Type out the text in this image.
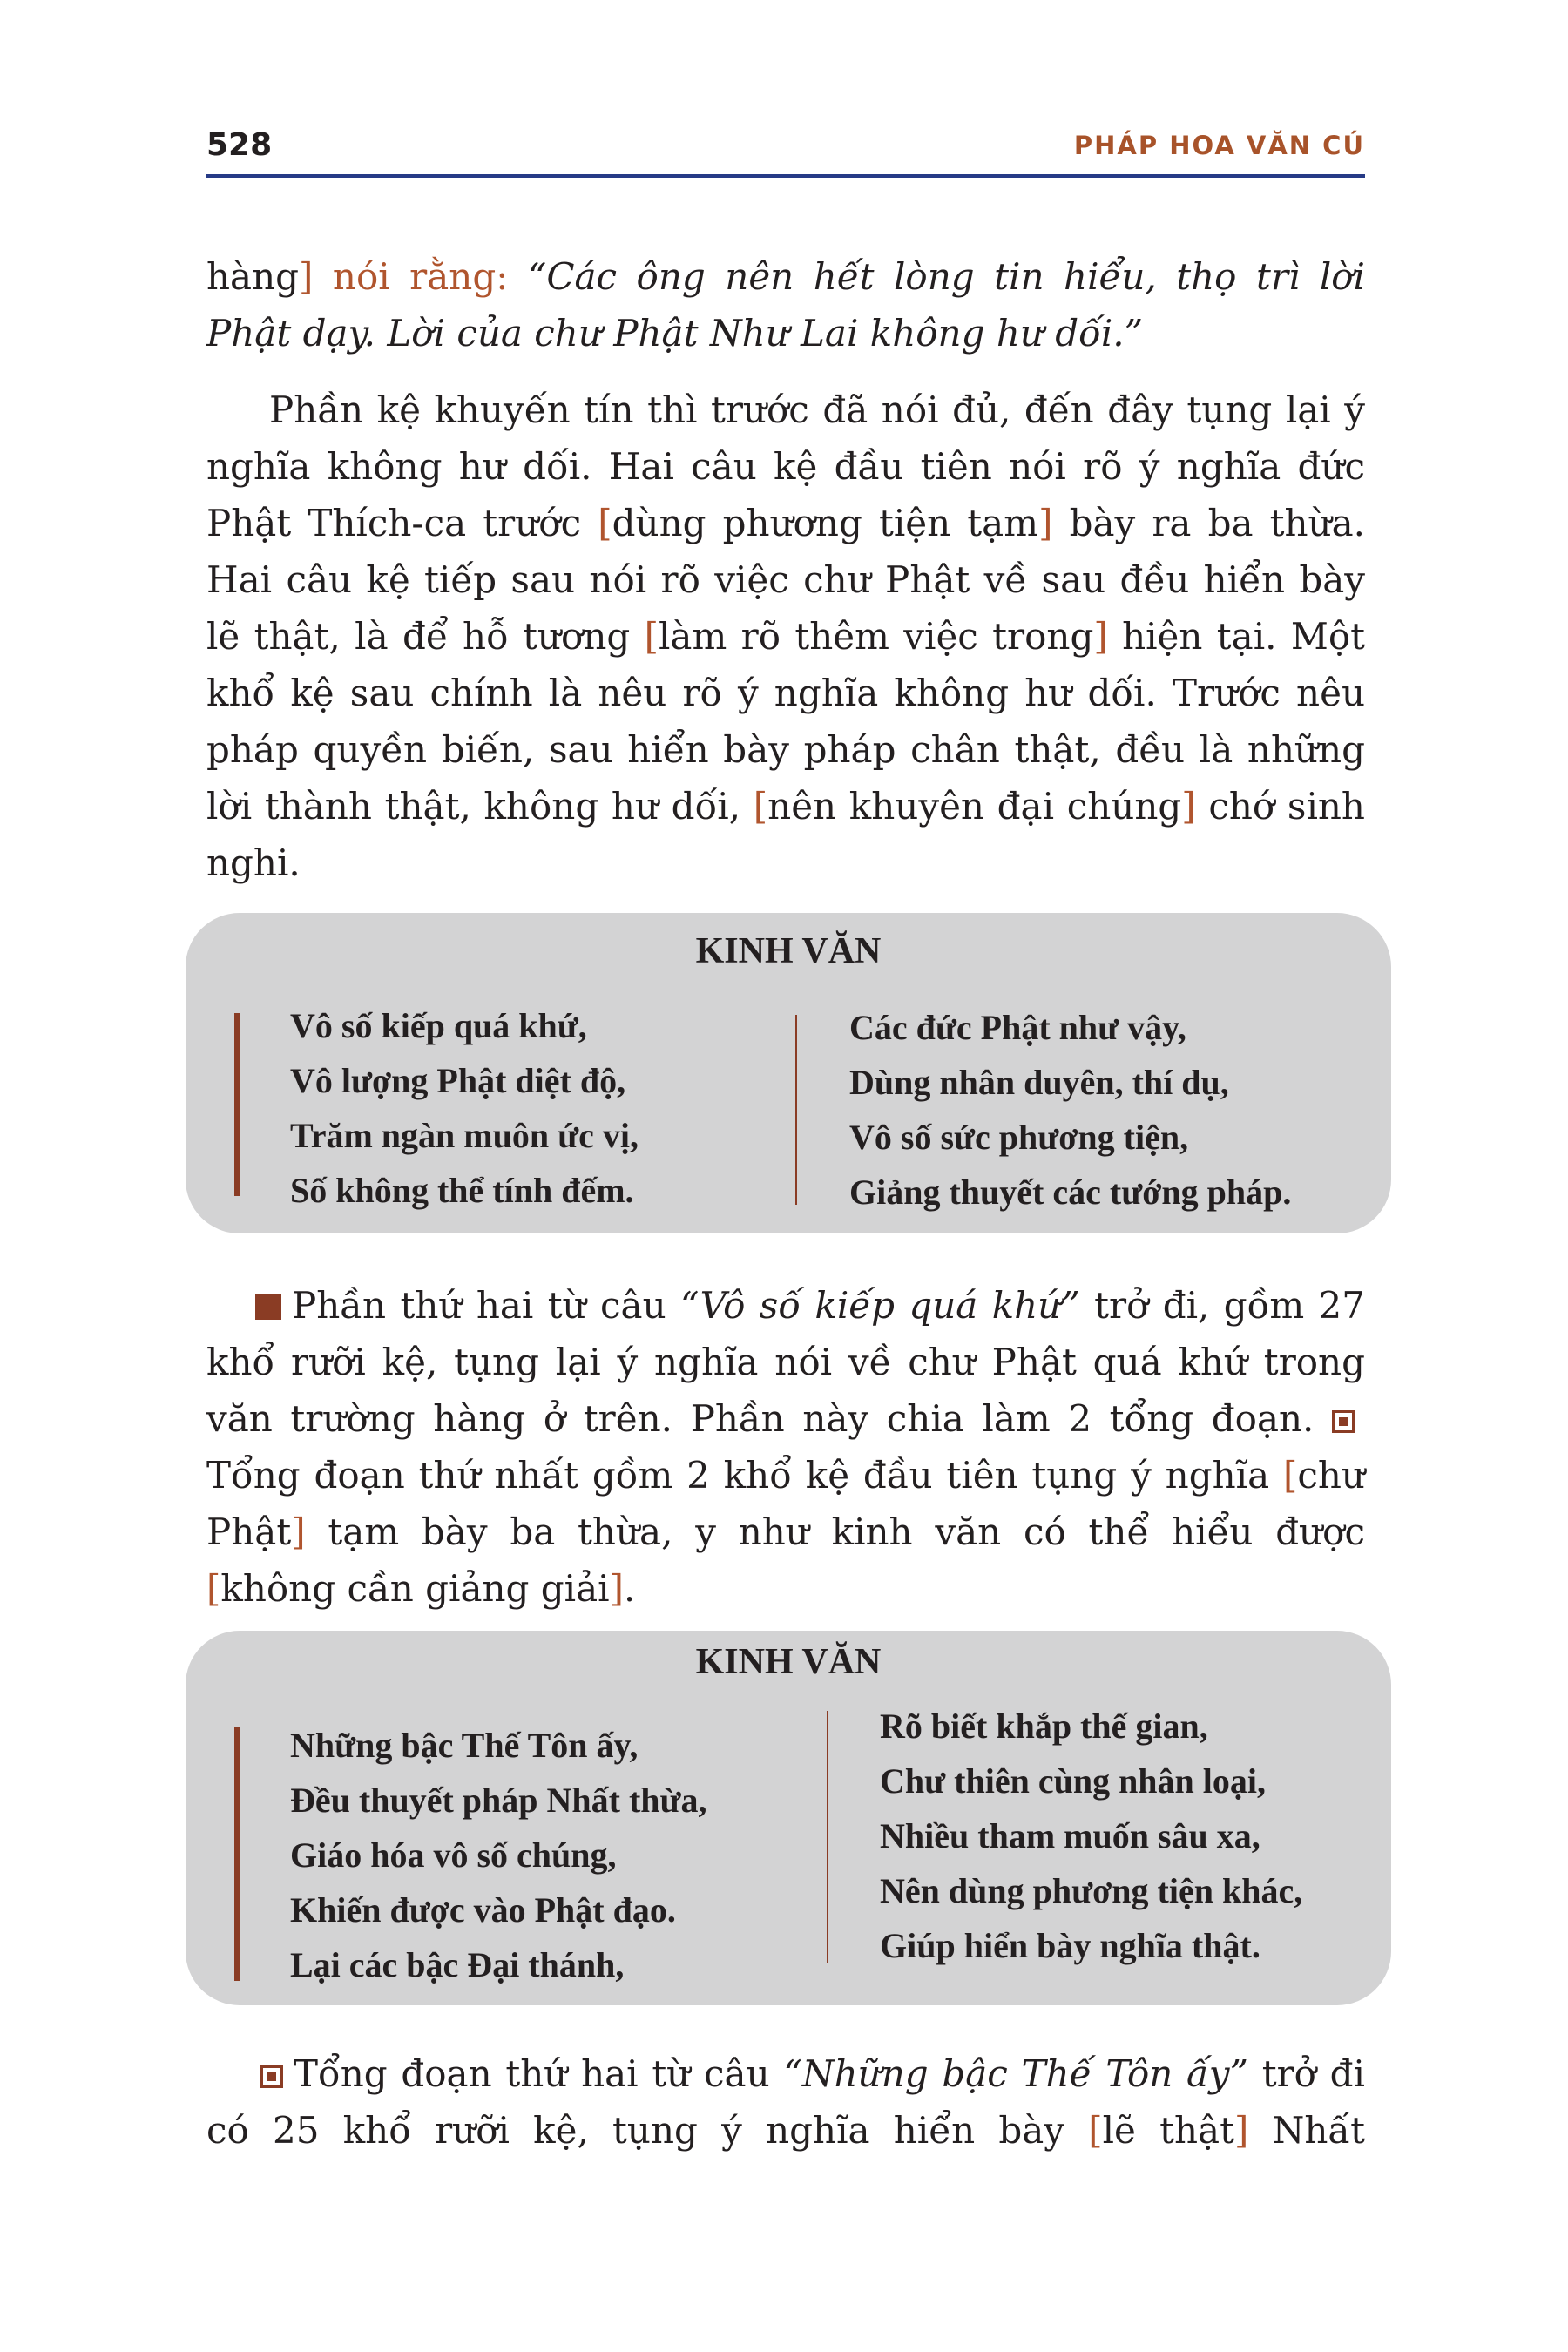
528	PHÁP HOA VĂN CÚ

hàng] nói rằng: “Các ông nên hết lòng tin hiểu, thọ trì lời Phật dạy. Lời của chư Phật Như Lai không hư dối.”

Phần kệ khuyến tín thì trước đã nói đủ, đến đây tụng lại ý nghĩa không hư dối. Hai câu kệ đầu tiên nói rõ ý nghĩa đức Phật Thích-ca trước [dùng phương tiện tạm] bày ra ba thừa. Hai câu kệ tiếp sau nói rõ việc chư Phật về sau đều hiển bày lẽ thật, là để hỗ tương [làm rõ thêm việc trong] hiện tại. Một khổ kệ sau chính là nêu rõ ý nghĩa không hư dối. Trước nêu pháp quyền biến, sau hiển bày pháp chân thật, đều là những lời thành thật, không hư dối, [nên khuyên đại chúng] chớ sinh nghi.

KINH VĂN
Vô số kiếp quá khứ,
Vô lượng Phật diệt độ,
Trăm ngàn muôn ức vị,
Số không thể tính đếm.
Các đức Phật như vậy,
Dùng nhân duyên, thí dụ,
Vô số sức phương tiện,
Giảng thuyết các tướng pháp.

Phần thứ hai từ câu “Vô số kiếp quá khứ” trở đi, gồm 27 khổ rưỡi kệ, tụng lại ý nghĩa nói về chư Phật quá khứ trong văn trường hàng ở trên. Phần này chia làm 2 tổng đoạn. Tổng đoạn thứ nhất gồm 2 khổ kệ đầu tiên tụng ý nghĩa [chư Phật] tạm bày ba thừa, y như kinh văn có thể hiểu được [không cần giảng giải].

KINH VĂN
Những bậc Thế Tôn ấy,
Đều thuyết pháp Nhất thừa,
Giáo hóa vô số chúng,
Khiến được vào Phật đạo.
Lại các bậc Đại thánh,
Rõ biết khắp thế gian,
Chư thiên cùng nhân loại,
Nhiều tham muốn sâu xa,
Nên dùng phương tiện khác,
Giúp hiển bày nghĩa thật.

Tổng đoạn thứ hai từ câu “Những bậc Thế Tôn ấy” trở đi có 25 khổ rưỡi kệ, tụng ý nghĩa hiển bày [lẽ thật] Nhất
